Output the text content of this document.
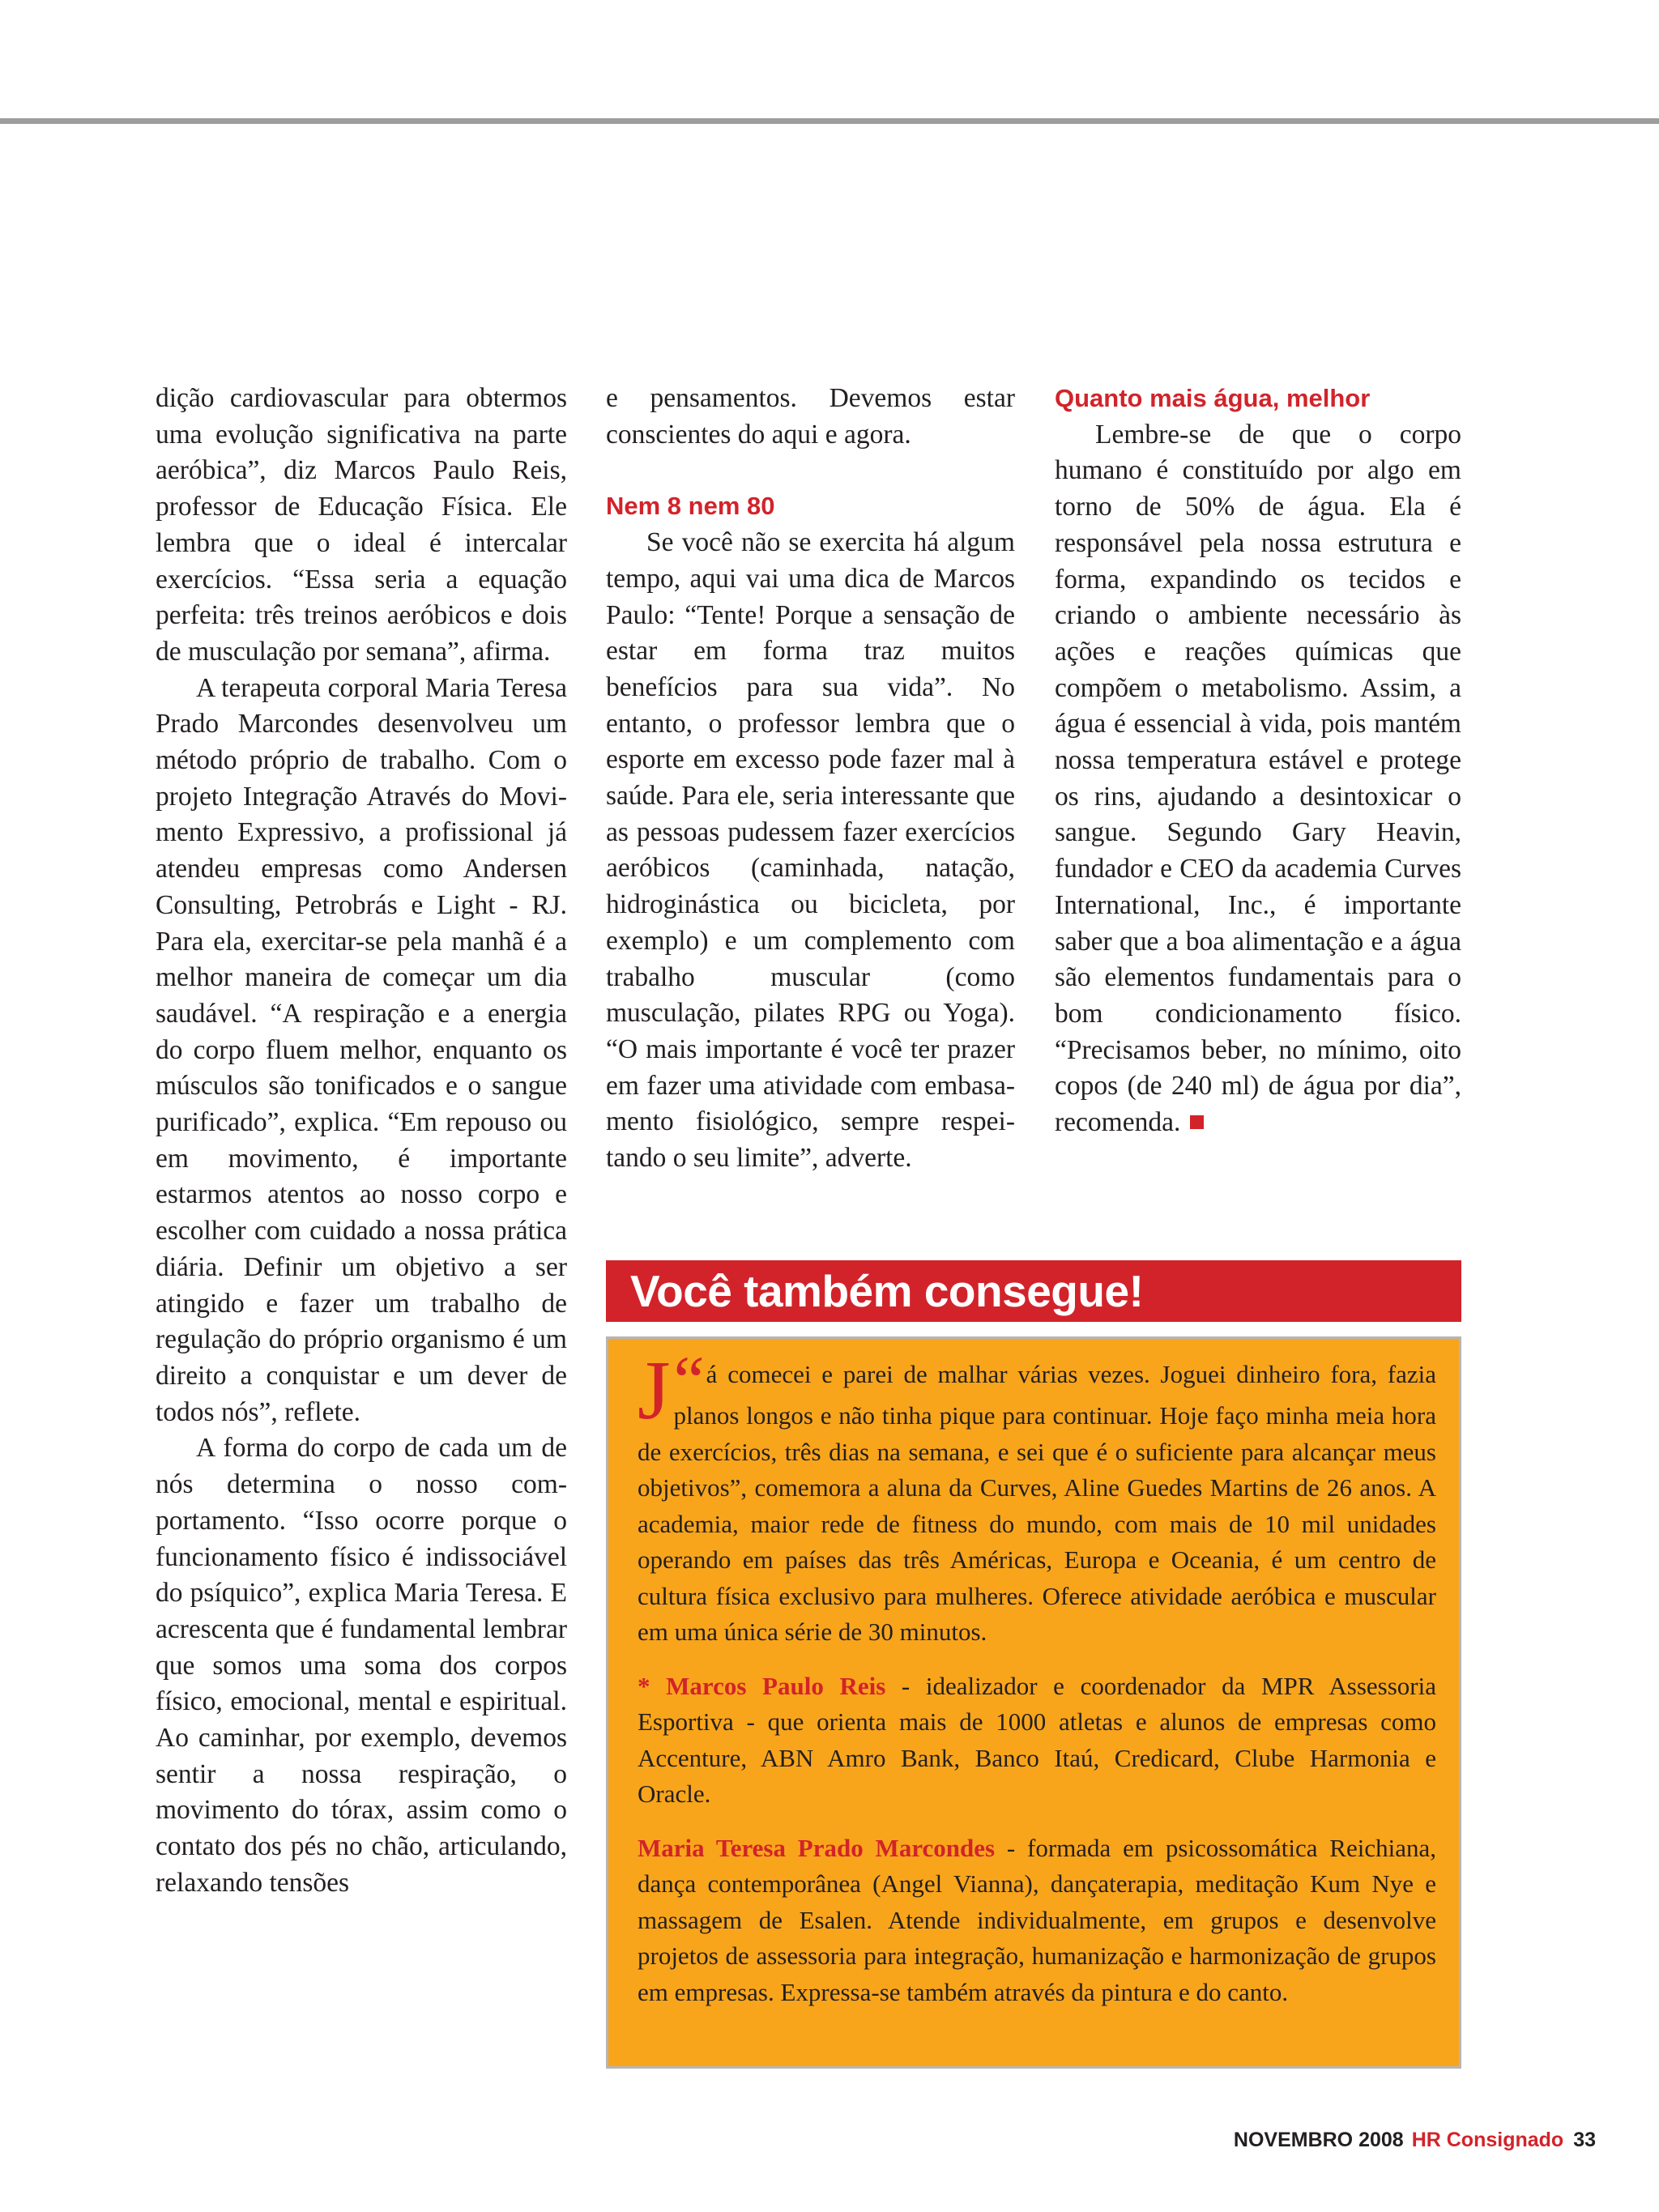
dição cardiovascular para obtermos uma evolução significativa na parte aeróbica”, diz Marcos Paulo Reis, professor de Educação Física. Ele lembra que o ideal é intercalar exercícios. “Essa seria a equação perfeita: três treinos aeróbicos e dois de musculação por semana”, afirma.

A terapeuta corporal Maria Teresa Prado Marcondes desenvolveu um método próprio de trabalho. Com o projeto Integração Através do Movimento Expressivo, a profissional já atendeu empresas como Andersen Consulting, Petrobrás e Light - RJ. Para ela, exercitar-se pela manhã é a melhor maneira de começar um dia saudável. “A respiração e a energia do corpo fluem melhor, enquanto os músculos são tonificados e o sangue purificado”, explica. “Em repouso ou em movimento, é importante estarmos atentos ao nosso corpo e escolher com cuidado a nossa prática diária. Definir um objetivo a ser atingido e fazer um trabalho de regulação do próprio organismo é um direito a conquistar e um dever de todos nós”, reflete.

A forma do corpo de cada um de nós determina o nosso comportamento. “Isso ocorre porque o funcionamento físico é indissociável do psíquico”, explica Maria Teresa. E acrescenta que é fundamental lembrar que somos uma soma dos corpos físico, emocional, mental e espiritual. Ao caminhar, por exemplo, devemos sentir a nossa respiração, o movimento do tórax, assim como o contato dos pés no chão, articulando, relaxando tensões

e pensamentos. Devemos estar conscientes do aqui e agora.

Nem 8 nem 80

Se você não se exercita há algum tempo, aqui vai uma dica de Marcos Paulo: “Tente! Porque a sensação de estar em forma traz muitos benefícios para sua vida”. No entanto, o professor lembra que o esporte em excesso pode fazer mal à saúde. Para ele, seria interessante que as pessoas pudessem fazer exercícios aeróbicos (caminhada, natação, hidroginástica ou bicicleta, por exemplo) e um complemento com trabalho muscular (como musculação, pilates RPG ou Yoga). “O mais importante é você ter prazer em fazer uma atividade com embasamento fisiológico, sempre respeitando o seu limite”, adverte.

Quanto mais água, melhor

Lembre-se de que o corpo humano é constituído por algo em torno de 50% de água. Ela é responsável pela nossa estrutura e forma, expandindo os tecidos e criando o ambiente necessário às ações e reações químicas que compõem o metabolismo. Assim, a água é essencial à vida, pois mantém nossa temperatura estável e protege os rins, ajudando a desintoxicar o sangue. Segundo Gary Heavin, fundador e CEO da academia Curves International, Inc., é importante saber que a boa alimentação e a água são elementos fundamentais para o bom condicionamento físico. “Precisamos beber, no mínimo, oito copos (de 240 ml) de água por dia”, recomenda.

Você também consegue!

“
J á comecei e parei de malhar várias vezes. Joguei dinheiro fora, fazia planos longos e não tinha pique para continuar. Hoje faço minha meia hora de exercícios, três dias na semana, e sei que é o suficiente para alcançar meus objetivos”, comemora a aluna da Curves, Aline Guedes Martins de 26 anos. A academia, maior rede de fitness do mundo, com mais de 10 mil unidades operando em países das três Américas, Europa e Oceania, é um centro de cultura física exclusivo para mulheres. Oferece atividade aeróbica e muscular em uma única série de 30 minutos.

* Marcos Paulo Reis - idealizador e coordenador da MPR Assessoria Esportiva - que orienta mais de 1000 atletas e alunos de empresas como Accenture, ABN Amro Bank, Banco Itaú, Credicard, Clube Harmonia e Oracle.

Maria Teresa Prado Marcondes - formada em psicossomática Reichiana, dança contemporânea (Angel Vianna), dançaterapia, meditação Kum Nye e massagem de Esalen. Atende individualmente, em grupos e desenvolve projetos de assessoria para integração, humanização e harmonização de grupos em empresas. Expressa-se também através da pintura e do canto.

NOVEMBRO 2008 HR Consignado 33
